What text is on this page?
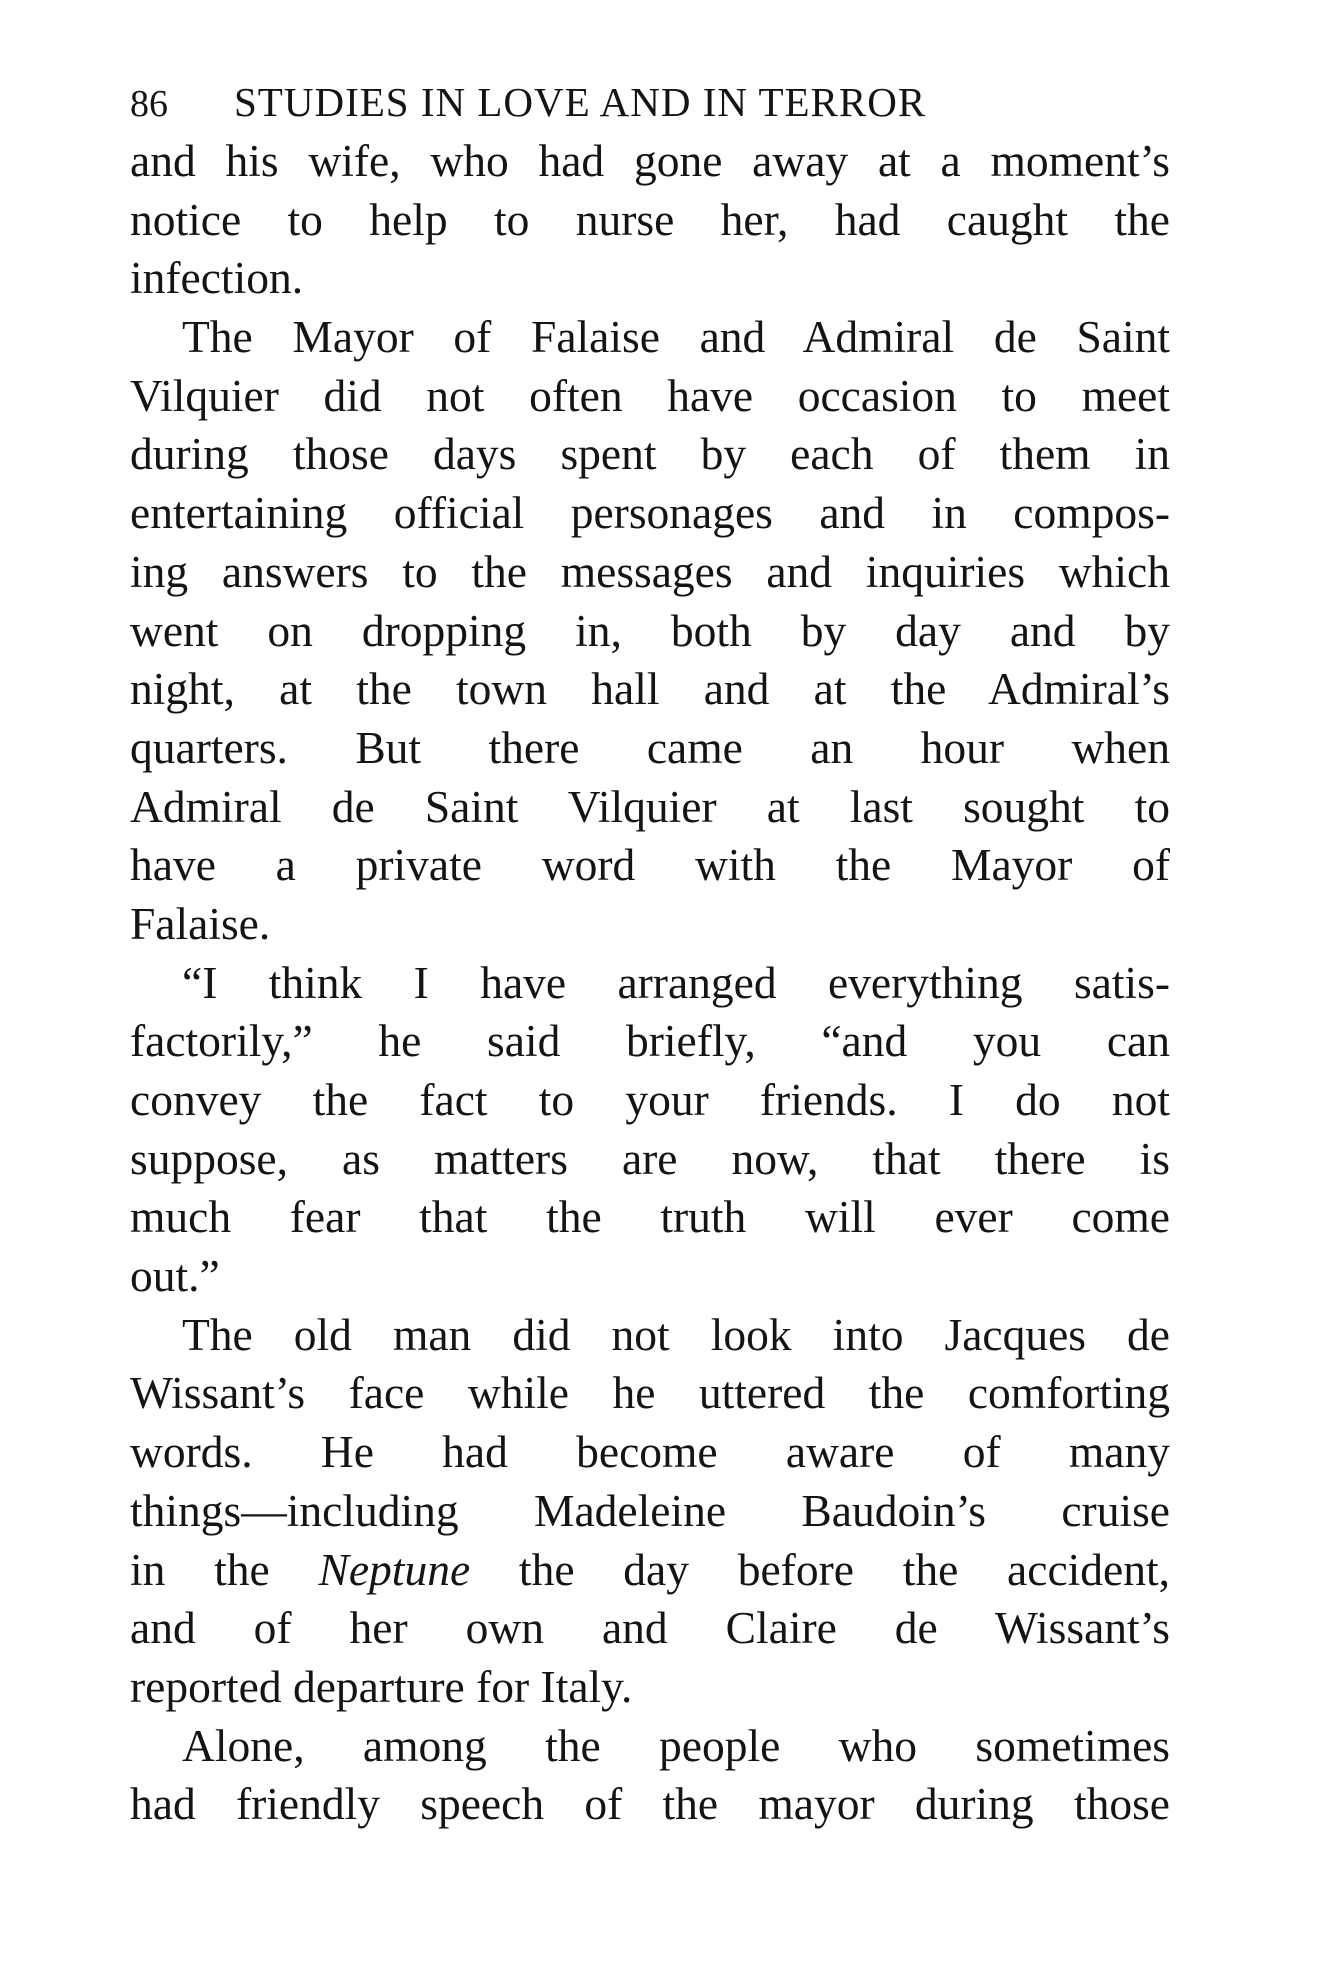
86	STUDIES IN LOVE AND IN TERROR
and his wife, who had gone away at a moment’s
notice to help to nurse her, had caught the
infection.
The Mayor of Falaise and Admiral de Saint
Vilquier did not often have occasion to meet
during those days spent by each of them in
entertaining official personages and in compos-
ing answers to the messages and inquiries which
went on dropping in, both by day and by
night, at the town hall and at the Admiral’s
quarters. But there came an hour when
Admiral de Saint Vilquier at last sought to
have a private word with the Mayor of
Falaise.
“I think I have arranged everything satis-
factorily,” he said briefly, “and you can
convey the fact to your friends. I do not
suppose, as matters are now, that there is
much fear that the truth will ever come
out.”
The old man did not look into Jacques de
Wissant’s face while he uttered the comforting
words. He had become aware of many
things—including Madeleine Baudoin’s cruise
in the Neptune the day before the accident,
and of her own and Claire de Wissant’s
reported departure for Italy.
Alone, among the people who sometimes
had friendly speech of the mayor during those
